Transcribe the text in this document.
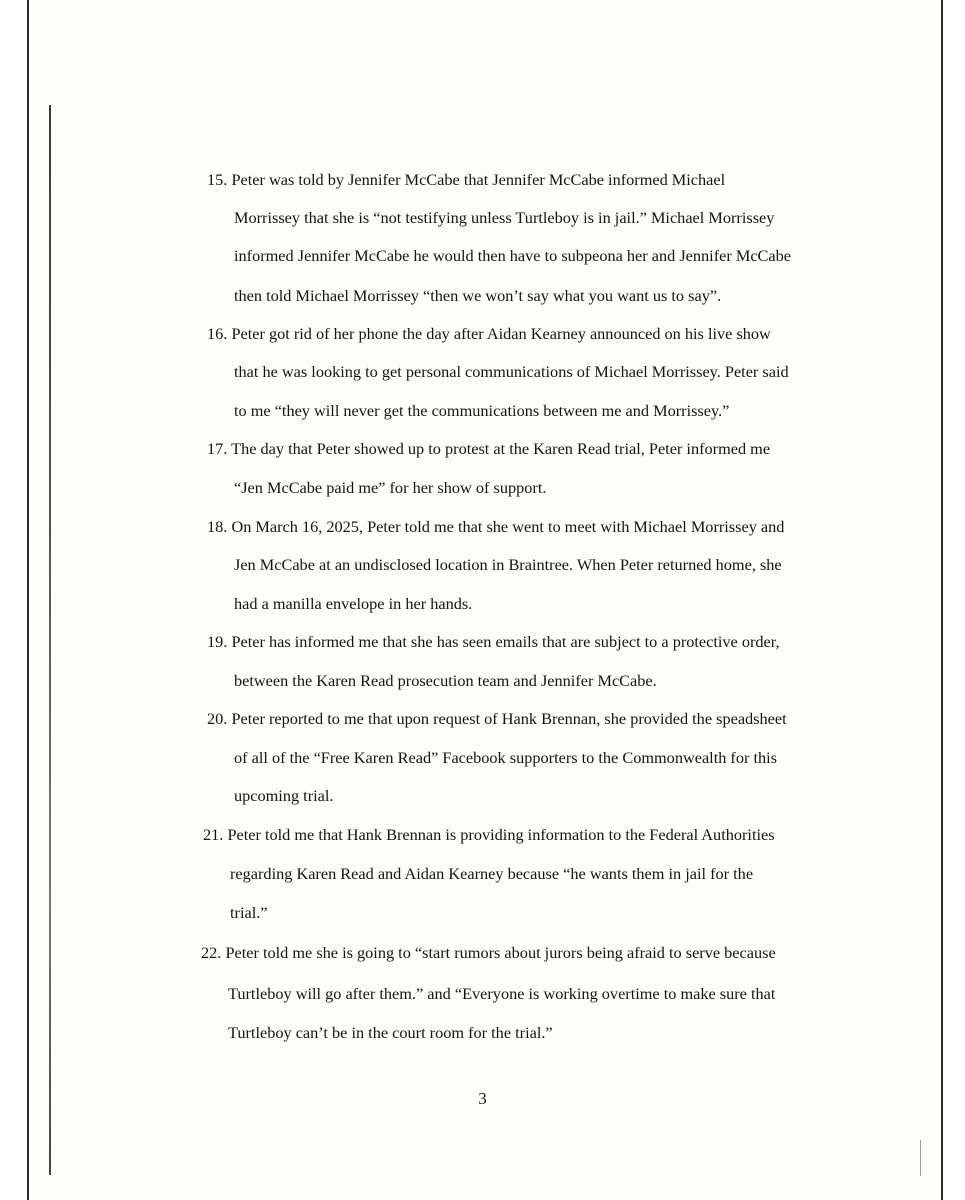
15. Peter was told by Jennifer McCabe that Jennifer McCabe informed Michael
Morrissey that she is “not testifying unless Turtleboy is in jail.” Michael Morrissey
informed Jennifer McCabe he would then have to subpeona her and Jennifer McCabe
then told Michael Morrissey “then we won’t say what you want us to say”.
16. Peter got rid of her phone the day after Aidan Kearney announced on his live show
that he was looking to get personal communications of Michael Morrissey. Peter said
to me “they will never get the communications between me and Morrissey.”
17. The day that Peter showed up to protest at the Karen Read trial, Peter informed me
“Jen McCabe paid me” for her show of support.
18. On March 16, 2025, Peter told me that she went to meet with Michael Morrissey and
Jen McCabe at an undisclosed location in Braintree. When Peter returned home, she
had a manilla envelope in her hands.
19. Peter has informed me that she has seen emails that are subject to a protective order,
between the Karen Read prosecution team and Jennifer McCabe.
20. Peter reported to me that upon request of Hank Brennan, she provided the speadsheet
of all of the “Free Karen Read” Facebook supporters to the Commonwealth for this
upcoming trial.
21. Peter told me that Hank Brennan is providing information to the Federal Authorities
regarding Karen Read and Aidan Kearney because “he wants them in jail for the
trial.”
22. Peter told me she is going to “start rumors about jurors being afraid to serve because
Turtleboy will go after them.” and “Everyone is working overtime to make sure that
Turtleboy can’t be in the court room for the trial.”
3
